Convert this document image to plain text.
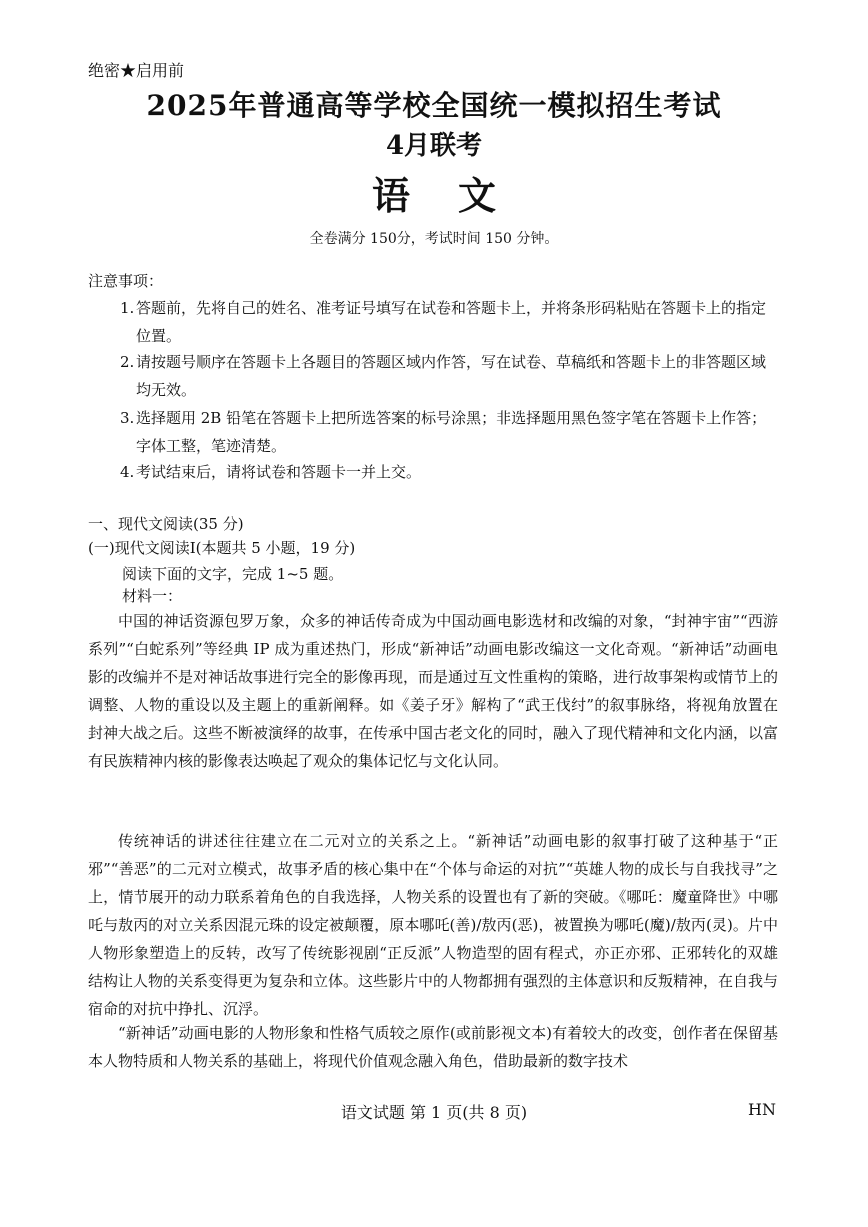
绝密★启用前
2025年普通高等学校全国统一模拟招生考试
4月联考
语文
全卷满分 150分，考试时间 150 分钟。
注意事项：
1. 答题前，先将自己的姓名、准考证号填写在试卷和答题卡上，并将条形码粘贴在答题卡上的指定位置。
2. 请按题号顺序在答题卡上各题目的答题区域内作答，写在试卷、草稿纸和答题卡上的非答题区域均无效。
3. 选择题用 2B 铅笔在答题卡上把所选答案的标号涂黑；非选择题用黑色签字笔在答题卡上作答；字体工整，笔迹清楚。
4. 考试结束后，请将试卷和答题卡一并上交。
一、现代文阅读(35 分)
(一)现代文阅读Ⅰ(本题共 5 小题，19 分)
阅读下面的文字，完成 1~5 题。
材料一：
中国的神话资源包罗万象，众多的神话传奇成为中国动画电影选材和改编的对象，“封神宇宙”“西游系列”“白蛇系列”等经典 IP 成为重述热门，形成“新神话”动画电影改编这一文化奇观。“新神话”动画电影的改编并不是对神话故事进行完全的影像再现，而是通过互文性重构的策略，进行故事架构或情节上的调整、人物的重设以及主题上的重新阐释。如《姜子牙》解构了“武王伐纣”的叙事脉络，将视角放置在封神大战之后。这些不断被演绎的故事，在传承中国古老文化的同时，融入了现代精神和文化内涵，以富有民族精神内核的影像表达唤起了观众的集体记忆与文化认同。
传统神话的讲述往往建立在二元对立的关系之上。“新神话”动画电影的叙事打破了这种基于“正邪”“善恶”的二元对立模式，故事矛盾的核心集中在“个体与命运的对抗”“英雄人物的成长与自我找寻”之上，情节展开的动力联系着角色的自我选择，人物关系的设置也有了新的突破。《哪吒：魔童降世》中哪吒与敖丙的对立关系因混元珠的设定被颠覆，原本哪吒(善)/敖丙(恶)，被置换为哪吒(魔)/敖丙(灵)。片中人物形象塑造上的反转，改写了传统影视剧“正反派”人物造型的固有程式，亦正亦邪、正邪转化的双雄结构让人物的关系变得更为复杂和立体。这些影片中的人物都拥有强烈的主体意识和反叛精神，在自我与宿命的对抗中挣扎、沉浮。
“新神话”动画电影的人物形象和性格气质较之原作(或前影视文本)有着较大的改变，创作者在保留基本人物特质和人物关系的基础上，将现代价值观念融入角色，借助最新的数字技术
语文试题 第 1 页(共 8 页)	HN
